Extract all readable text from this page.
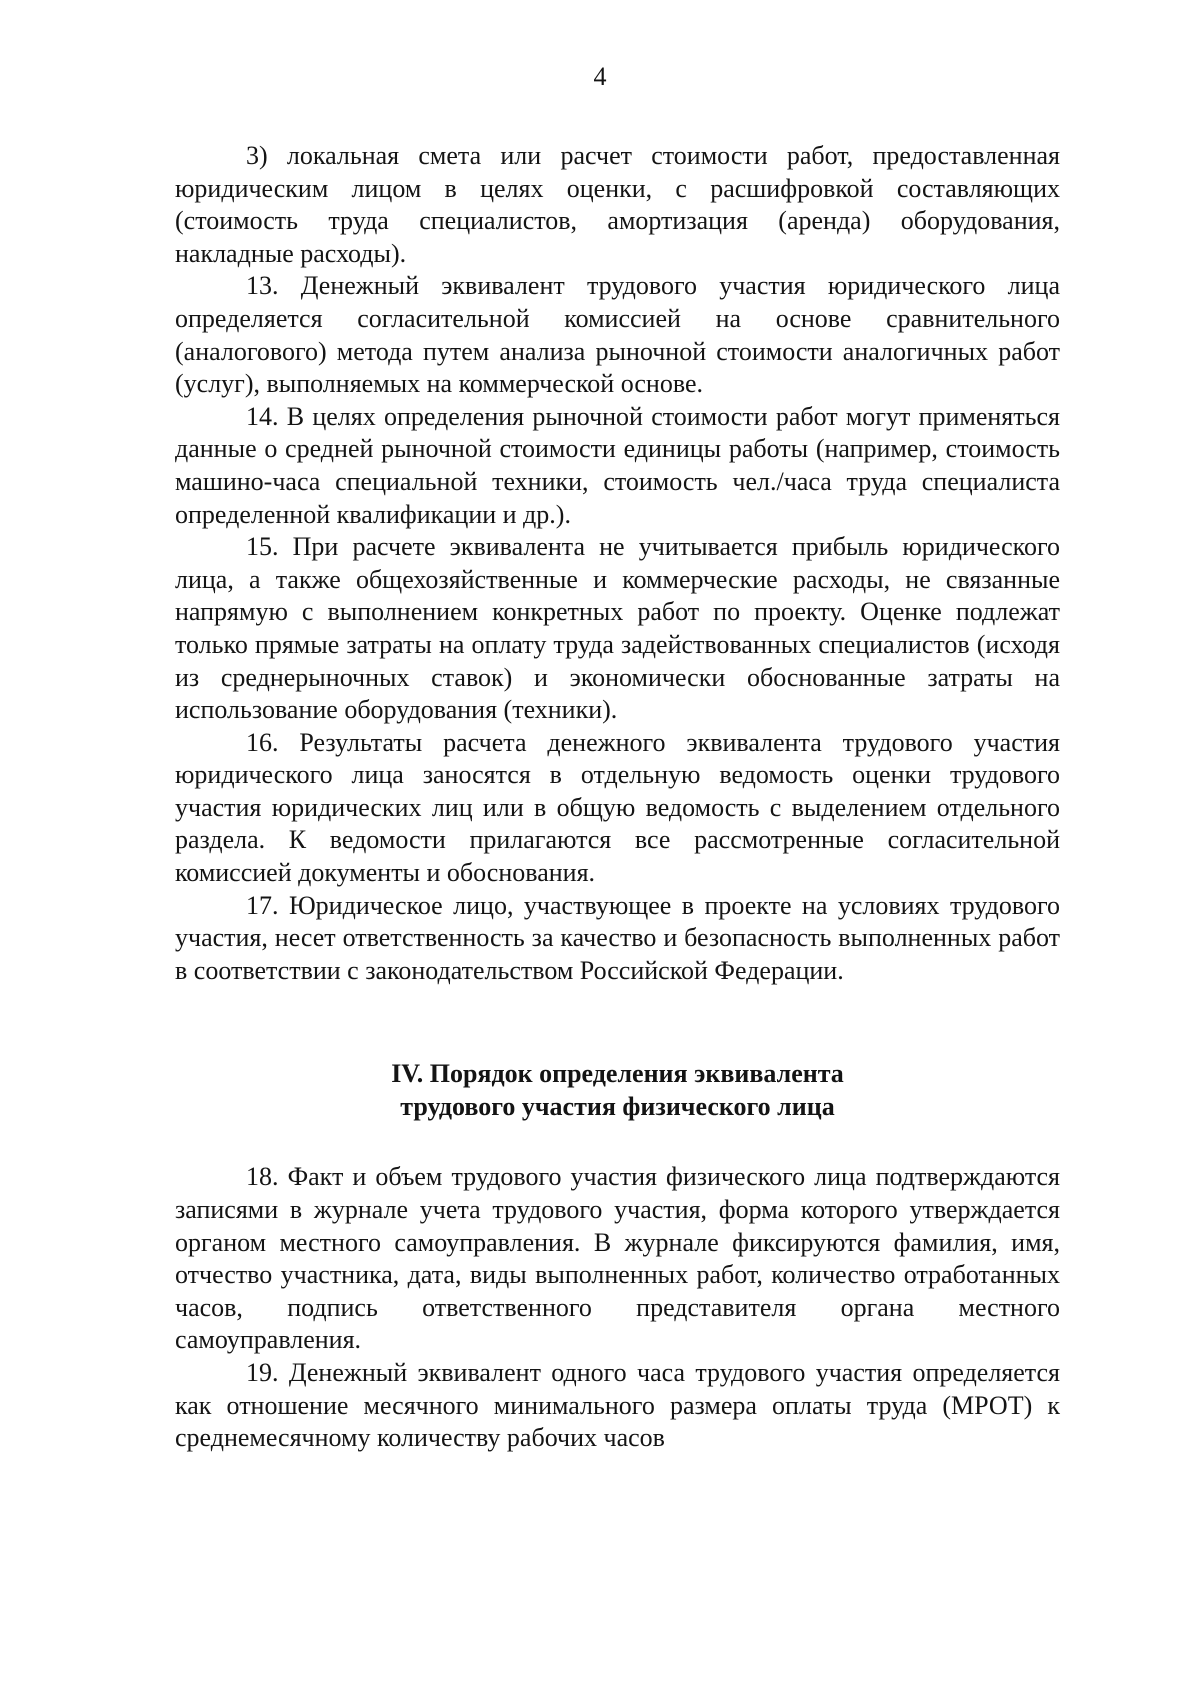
4

3) локальная смета или расчет стоимости работ, предоставленная юридическим лицом в целях оценки, с расшифровкой составляющих (стоимость труда специалистов, амортизация (аренда) оборудования, накладные расходы).

13. Денежный эквивалент трудового участия юридического лица определяется согласительной комиссией на основе сравнительного (аналогового) метода путем анализа рыночной стоимости аналогичных работ (услуг), выполняемых на коммерческой основе.

14. В целях определения рыночной стоимости работ могут применяться данные о средней рыночной стоимости единицы работы (например, стоимость машино-часа специальной техники, стоимость чел./часа труда специалиста определенной квалификации и др.).

15. При расчете эквивалента не учитывается прибыль юридического лица, а также общехозяйственные и коммерческие расходы, не связанные напрямую с выполнением конкретных работ по проекту. Оценке подлежат только прямые затраты на оплату труда задействованных специалистов (исходя из среднерыночных ставок) и экономически обоснованные затраты на использование оборудования (техники).

16. Результаты расчета денежного эквивалента трудового участия юридического лица заносятся в отдельную ведомость оценки трудового участия юридических лиц или в общую ведомость с выделением отдельного раздела. К ведомости прилагаются все рассмотренные согласительной комиссией документы и обоснования.

17. Юридическое лицо, участвующее в проекте на условиях трудового участия, несет ответственность за качество и безопасность выполненных работ в соответствии с законодательством Российской Федерации.

IV. Порядок определения эквивалента
трудового участия физического лица

18. Факт и объем трудового участия физического лица подтверждаются записями в журнале учета трудового участия, форма которого утверждается органом местного самоуправления. В журнале фиксируются фамилия, имя, отчество участника, дата, виды выполненных работ, количество отработанных часов, подпись ответственного представителя органа местного самоуправления.

19. Денежный эквивалент одного часа трудового участия определяется как отношение месячного минимального размера оплаты труда (МРОТ) к среднемесячному количеству рабочих часов
